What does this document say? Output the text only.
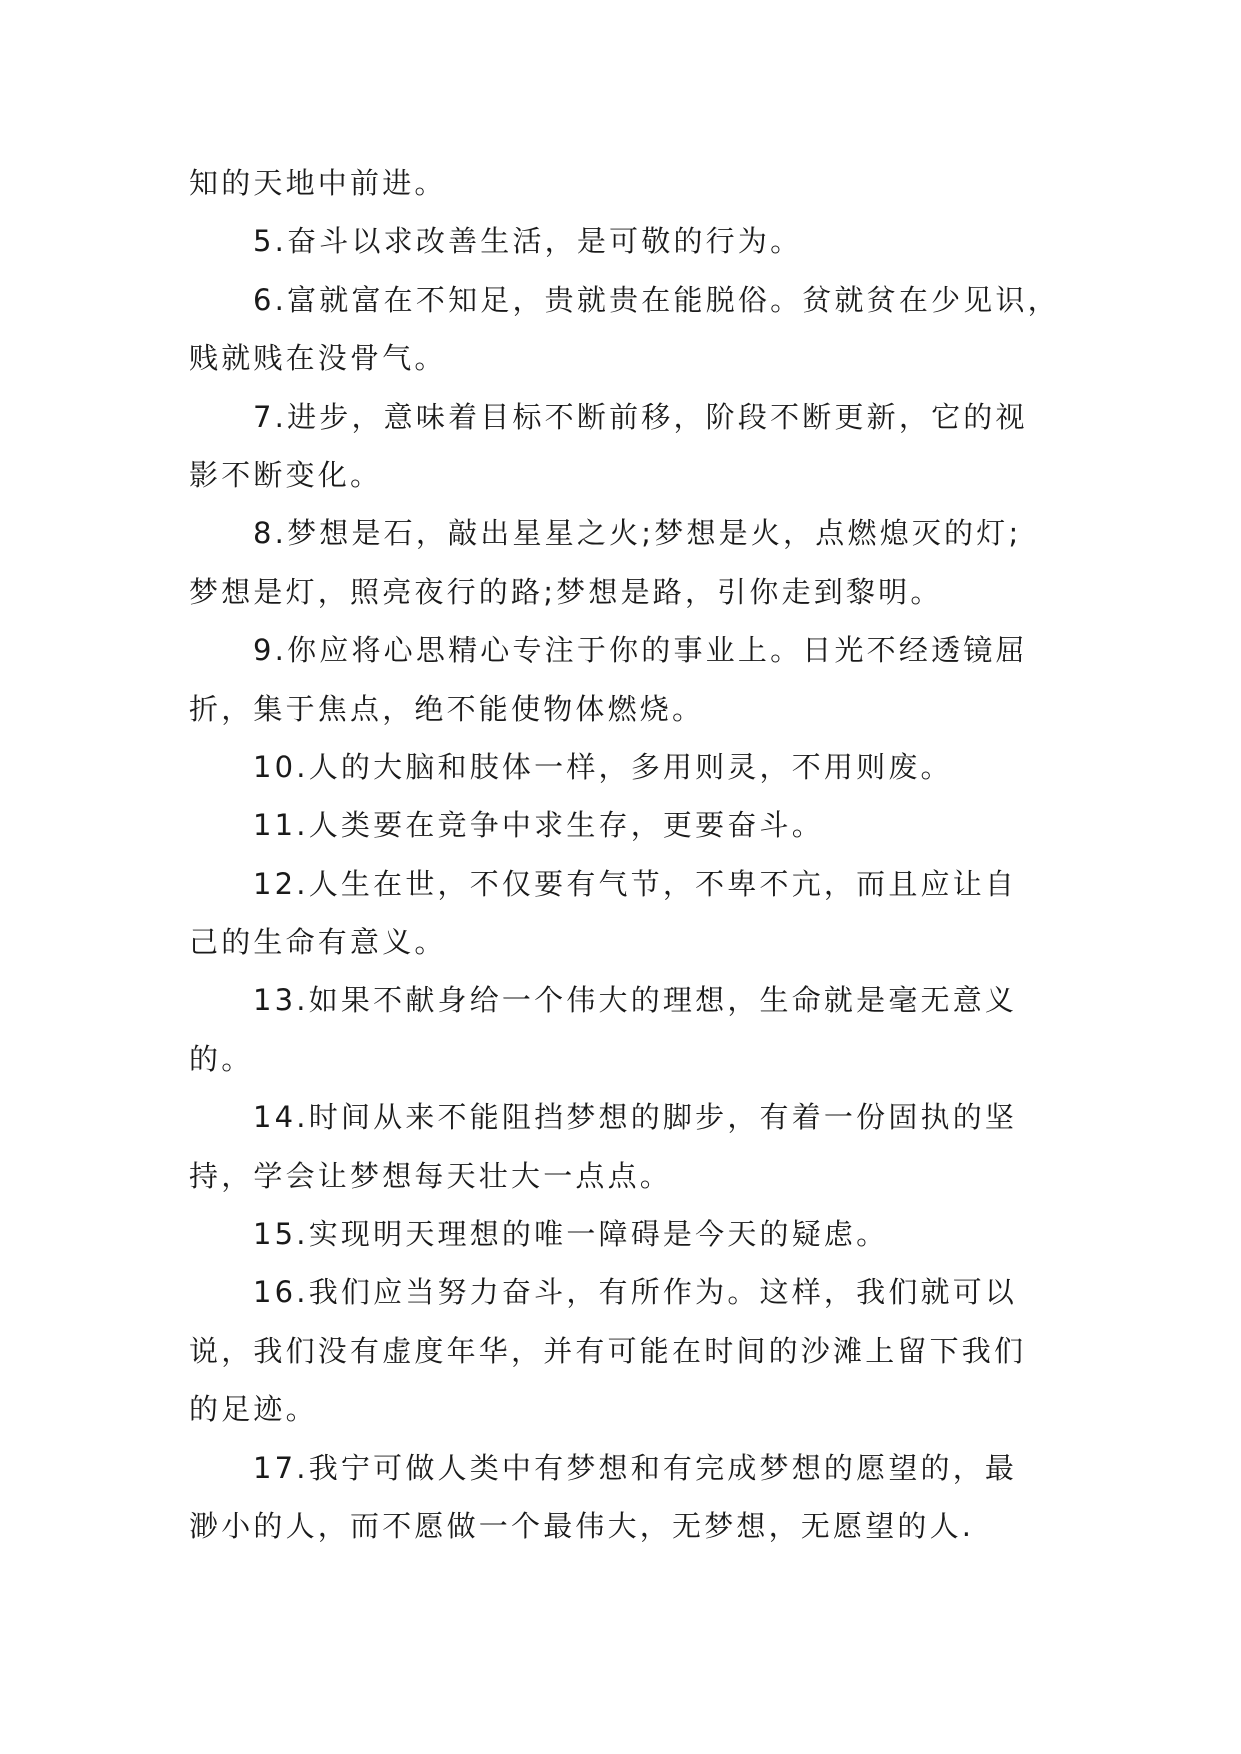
知的天地中前进。
5.奋斗以求改善生活，是可敬的行为。
6.富就富在不知足，贵就贵在能脱俗。贫就贫在少见识，
贱就贱在没骨气。
7.进步，意味着目标不断前移，阶段不断更新，它的视
影不断变化。
8.梦想是石，敲出星星之火;梦想是火，点燃熄灭的灯;
梦想是灯，照亮夜行的路;梦想是路，引你走到黎明。
9.你应将心思精心专注于你的事业上。日光不经透镜屈
折，集于焦点，绝不能使物体燃烧。
10.人的大脑和肢体一样，多用则灵，不用则废。
11.人类要在竞争中求生存，更要奋斗。
12.人生在世，不仅要有气节，不卑不亢，而且应让自
己的生命有意义。
13.如果不献身给一个伟大的理想，生命就是毫无意义
的。
14.时间从来不能阻挡梦想的脚步，有着一份固执的坚
持，学会让梦想每天壮大一点点。
15.实现明天理想的唯一障碍是今天的疑虑。
16.我们应当努力奋斗，有所作为。这样，我们就可以
说，我们没有虚度年华，并有可能在时间的沙滩上留下我们
的足迹。
17.我宁可做人类中有梦想和有完成梦想的愿望的，最
渺小的人，而不愿做一个最伟大，无梦想，无愿望的人.
